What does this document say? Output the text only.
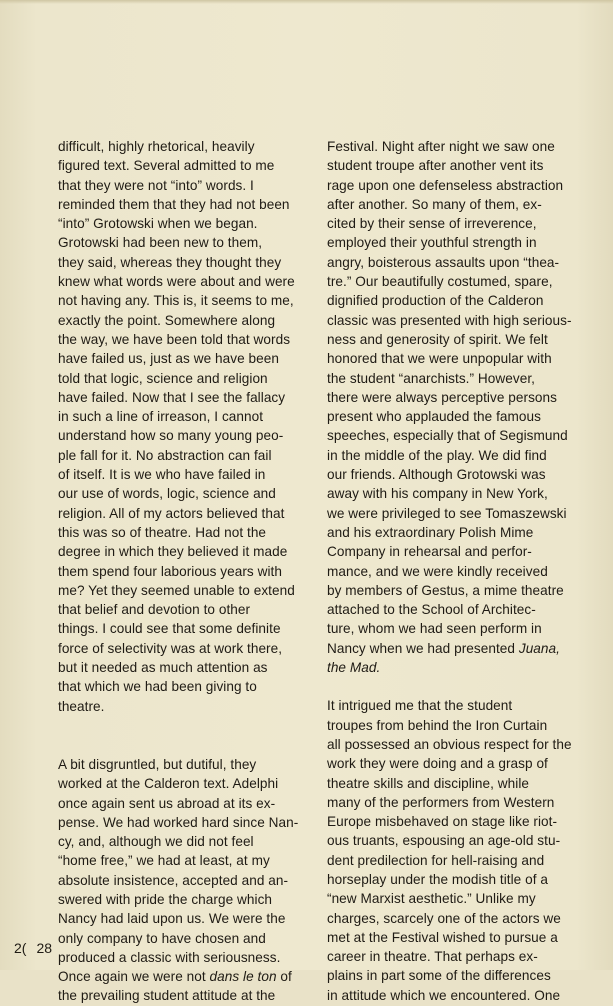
difficult, highly rhetorical, heavily
figured text. Several admitted to me
that they were not “into” words. I
reminded them that they had not been
“into” Grotowski when we began.
Grotowski had been new to them,
they said, whereas they thought they
knew what words were about and were
not having any. This is, it seems to me,
exactly the point. Somewhere along
the way, we have been told that words
have failed us, just as we have been
told that logic, science and religion
have failed. Now that I see the fallacy
in such a line of irreason, I cannot
understand how so many young peo-
ple fall for it. No abstraction can fail
of itself. It is we who have failed in
our use of words, logic, science and
religion. All of my actors believed that
this was so of theatre. Had not the
degree in which they believed it made
them spend four laborious years with
me? Yet they seemed unable to extend
that belief and devotion to other
things. I could see that some definite
force of selectivity was at work there,
but it needed as much attention as
that which we had been giving to
theatre.

A bit disgruntled, but dutiful, they
worked at the Calderon text. Adelphi
once again sent us abroad at its ex-
pense. We had worked hard since Nan-
cy, and, although we did not feel
“home free,” we had at least, at my
absolute insistence, accepted and an-
swered with pride the charge which
Nancy had laid upon us. We were the
only company to have chosen and
produced a classic with seriousness.
Once again we were not dans le ton of
the prevailing student attitude at the

Festival. Night after night we saw one
student troupe after another vent its
rage upon one defenseless abstraction
after another. So many of them, ex-
cited by their sense of irreverence,
employed their youthful strength in
angry, boisterous assaults upon “thea-
tre.” Our beautifully costumed, spare,
dignified production of the Calderon
classic was presented with high serious-
ness and generosity of spirit. We felt
honored that we were unpopular with
the student “anarchists.” However,
there were always perceptive persons
present who applauded the famous
speeches, especially that of Segismund
in the middle of the play. We did find
our friends. Although Grotowski was
away with his company in New York,
we were privileged to see Tomaszewski
and his extraordinary Polish Mime
Company in rehearsal and perfor-
mance, and we were kindly received
by members of Gestus, a mime theatre
attached to the School of Architec-
ture, whom we had seen perform in
Nancy when we had presented Juana,
the Mad.

It intrigued me that the student
troupes from behind the Iron Curtain
all possessed an obvious respect for the
work they were doing and a grasp of
theatre skills and discipline, while
many of the performers from Western
Europe misbehaved on stage like riot-
ous truants, espousing an age-old stu-
dent predilection for hell-raising and
horseplay under the modish title of a
“new Marxist aesthetic.” Unlike my
charges, scarcely one of the actors we
met at the Festival wished to pursue a
career in theatre. That perhaps ex-
plains in part some of the differences
in attitude which we encountered. One

2( 28
